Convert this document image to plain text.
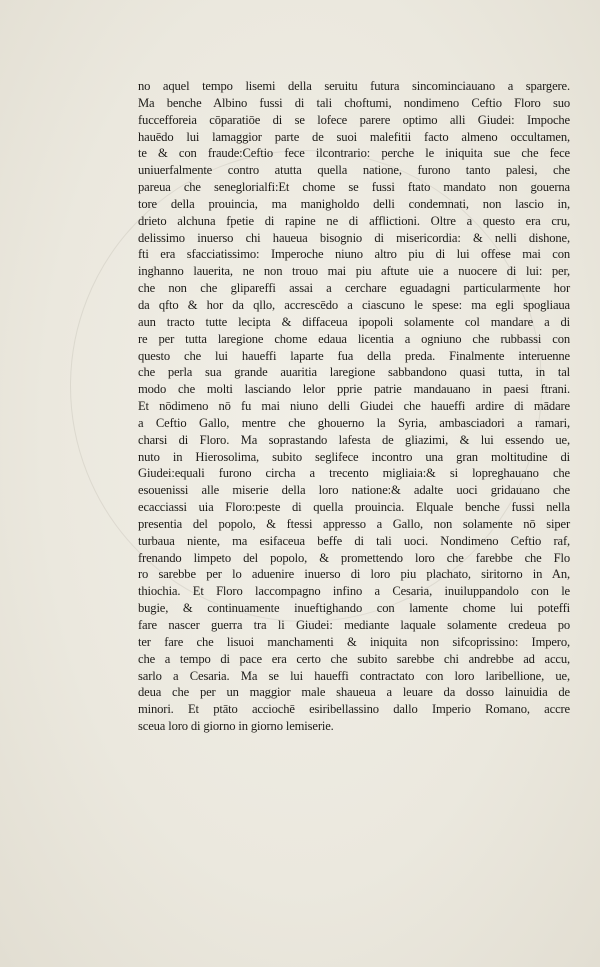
no aquel tempo lisemi della seruitu futura sincominciauano a spargere.
Ma benche Albino fussi di tali choftumi, nondimeno Ceftio Floro suo
fuccefforeia cōparatiōe di se lofece parere optimo alli Giudei: Impoche
hauēdo lui lamaggior parte de suoi malefitii facto almeno occultamen,
te & con fraude:Ceftio fece ilcontrario: perche le iniquita sue che fece
uniuerfalmente contro atutta quella natione, furono tanto palesi, che
pareua che seneglorialfi:Et chome se fussi ftato mandato non gouerna
tore della prouincia, ma manigholdo delli condemnati, non lascio in,
drieto alchuna fpetie di rapine ne di afflictioni. Oltre a questo era cru,
delissimo inuerso chi haueua bisognio di misericordia: & nelli dishone,
fti era sfacciatissimo: Imperoche niuno altro piu di lui offese mai con
inghanno lauerita, ne non trouo mai piu aftute uie a nuocere di lui: per,
che non che glipareffi assai a cerchare eguadagni particularmente hor
da qfto & hor da qllo, accrescēdo a ciascuno le spese: ma egli spogliaua
aun tracto tutte lecipta & diffaceua ipopoli solamente col mandare a di
re per tutta laregione chome edaua licentia a ogniuno che rubbassi con
questo che lui haueffi laparte fua della preda. Finalmente interuenne
che perla sua grande auaritia laregione sabbandono quasi tutta, in tal
modo che molti lasciando lelor pprie patrie mandauano in paesi ftrani.
Et nōdimeno nō fu mai niuno delli Giudei che haueffi ardire di mādare
a Ceftio Gallo, mentre che ghouerno la Syria, ambasciadori a ramari,
charsi di Floro. Ma soprastando lafesta de gliazimi, & lui essendo ue,
nuto in Hierosolima, subito seglifece incontro una gran moltitudine di
Giudei:equali furono circha a trecento migliaia:& si lopreghauano che
esouenissi alle miserie della loro natione:& adalte uoci gridauano che
ecacciassi uia Floro:peste di quella prouincia. Elquale benche fussi nella
presentia del popolo, & ftessi appresso a Gallo, non solamente nō siper
turbaua niente, ma esifaceua beffe di tali uoci. Nondimeno Ceftio raf,
frenando limpeto del popolo, & promettendo loro che farebbe che Flo
ro sarebbe per lo aduenire inuerso di loro piu plachato, siritorno in An,
thiochia. Et Floro laccompagno infino a Cesaria, inuiluppandolo con le
bugie, & continuamente inueftighando con lamente chome lui poteffi
fare nascer guerra tra li Giudei: mediante laquale solamente credeua po
ter fare che lisuoi manchamenti & iniquita non sifcoprissino: Impero,
che a tempo di pace era certo che subito sarebbe chi andrebbe ad accu,
sarlo a Cesaria. Ma se lui haueffi contractato con loro laribellione, ue,
deua che per un maggior male shaueua a leuare da dosso lainuidia de
minori. Et ptāto acciochē esiribellassino dallo Imperio Romano, accre
sceua loro di giorno in giorno lemiserie.
